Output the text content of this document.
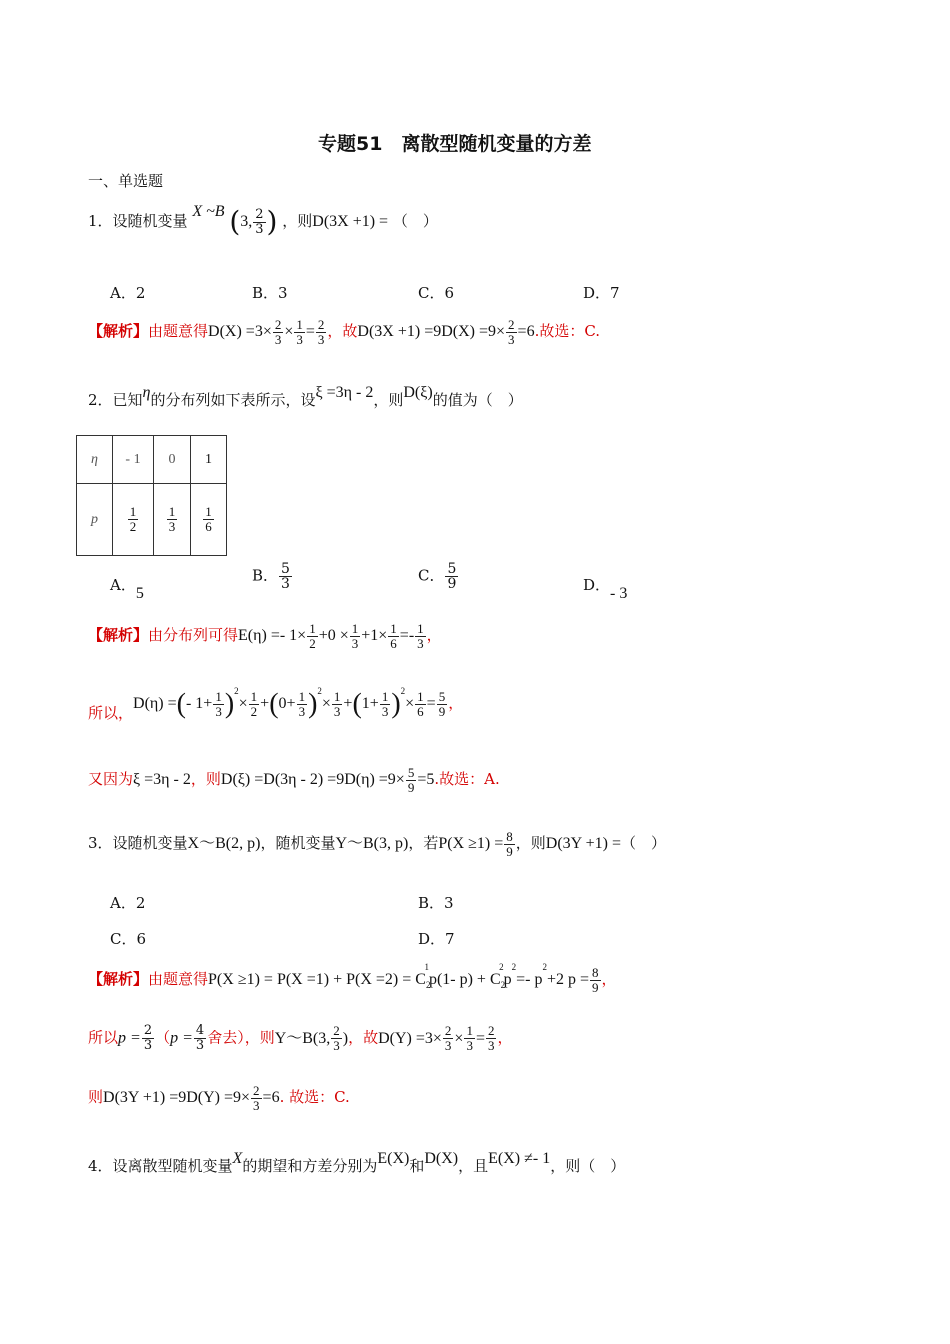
专题51　离散型随机变量的方差
一、单选题
1．设随机变量 X ~B (3, $\frac{2}{3}$ ) ，则D(3X +1) = （　）
A．2	B．3	C．6	D．7
【解析】由题意得$D(X) =3\times \frac{2}{3} \times \frac{1}{3} = \frac{2}{3}$ ，故$D(3X +1) =9D(X) =9\times \frac{2}{3} =6$.故选：C.
2．已知η的分布列如下表所示，设ξ =3η - 2，则D(ξ)的值为（　）
η	- 1	0	1
p	$\frac{1}{2}$	$\frac{1}{3}$	$\frac{1}{6}$
A．5
B． $\frac{5}{3}$	C． $\frac{5}{9}$	D．- 3
【解析】由分布列可得$E(\eta) =- 1\times \frac{1}{2} +0 \times \frac{1}{3} +1\times \frac{1}{6} =- \frac{1}{3}$ ，
所以，D(η) =(- $1+ \frac{1}{3} )^2\times \frac{1}{2} +(0+ \frac{1}{3} )^2\times \frac{1}{3} +(1+ \frac{1}{3} )^2\times \frac{1}{6} = \frac{5}{9}$ ，
又因为ξ =3η - 2，则$D(\xi) =D(3\eta - 2) =9D(\eta) =9\times \frac{5}{9} =5$.故选：A.
3．设随机变量X～B(2, p)，随机变量Y～B(3, p)，若$P(X \ge 1) = \frac{8}{9}$ ，则D(3Y +1) =（　）
A．2	B．3
C．6	D．7
【解析】由题意得$P(X \ge 1) = P(X =1) + P(X =2) = C_2^1p(1-$ $p) + C_2^2p^2=-$ $p^2+2$ $p = \frac{8}{9}$ ，
所以$p = \frac{2}{3} (p = \frac{4}{3}$ 舍去），则Y～B(3, $\frac{2}{3}$ )，故$D(Y) =3\times \frac{2}{3} \times \frac{1}{3} = \frac{2}{3}$ ，
则$D(3Y +1) =9D(Y) =9\times \frac{2}{3} =6$. 故选：C.
4．设离散型随机变量X的期望和方差分别为E(X)和D(X)，且E(X) ≠- 1，则（　）
